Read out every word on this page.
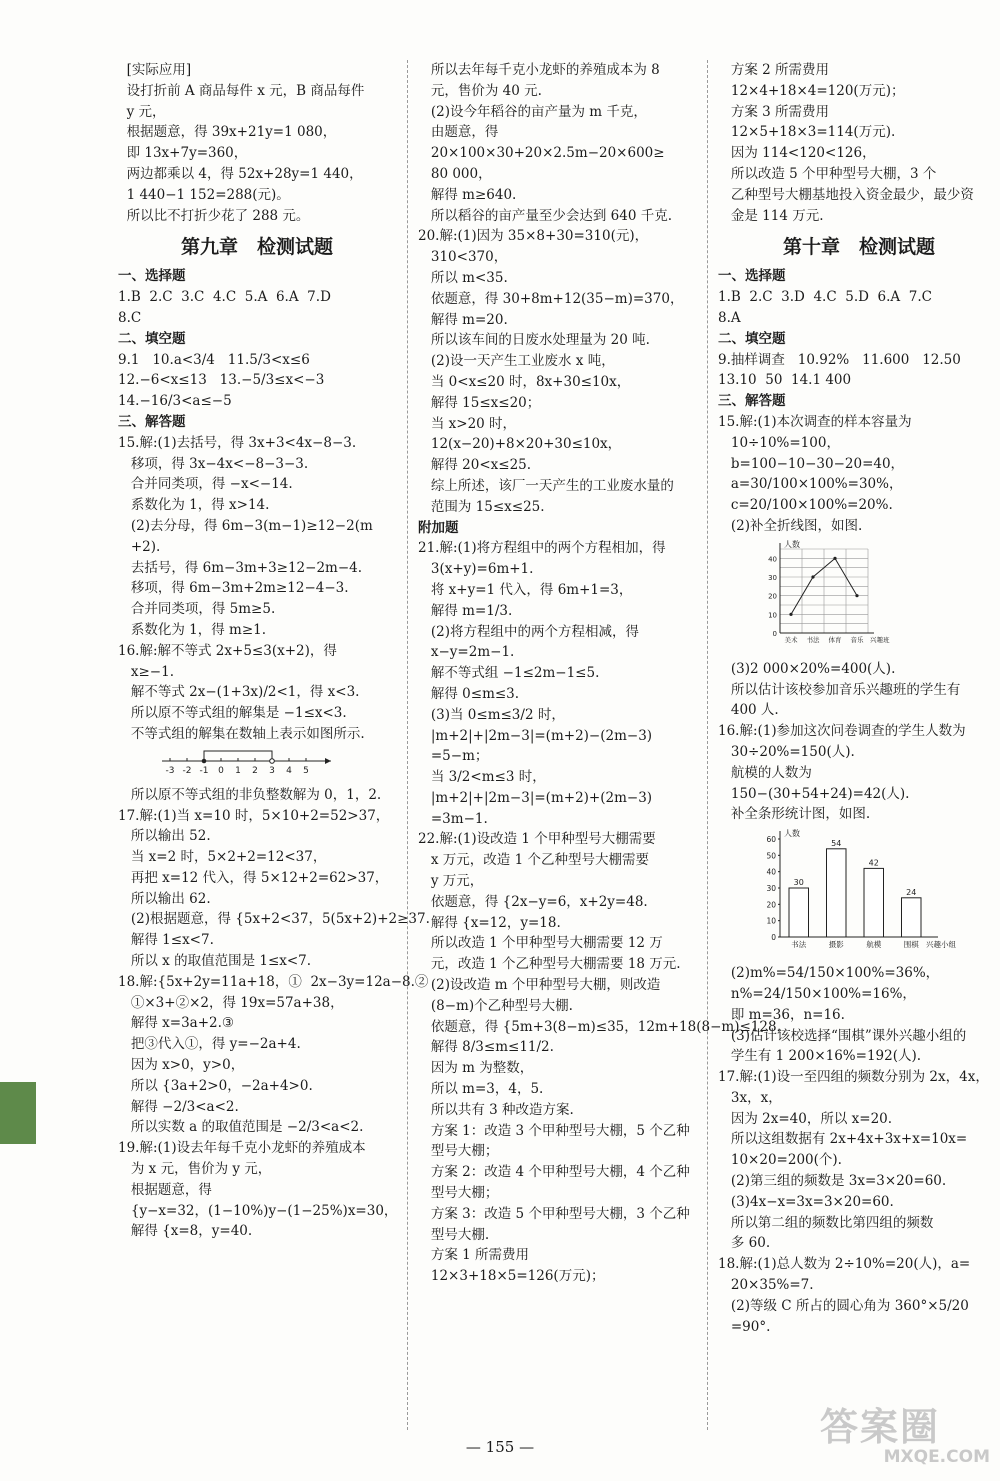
[实际应用]
设打折前 A 商品每件 x 元，B 商品每件
y 元，
根据题意，得 39x+21y=1 080，
即 13x+7y=360，
两边都乘以 4，得 52x+28y=1 440，
1 440−1 152=288(元)。
所以比不打折少花了 288 元。
第九章　检测试题
一、选择题
1.B  2.C  3.C  4.C  5.A  6.A  7.D
8.C
二、填空题
9.1   10.a<3/4   11.5/3<x≤6
12.−6<x≤13   13.−5/3≤x<−3
14.−16/3<a≤−5
三、解答题
15.解:(1)去括号，得 3x+3<4x−8−3.
移项，得 3x−4x<−8−3−3.
合并同类项，得 −x<−14.
系数化为 1，得 x>14.
(2)去分母，得 6m−3(m−1)≥12−2(m
+2).
去括号，得 6m−3m+3≥12−2m−4.
移项，得 6m−3m+2m≥12−4−3.
合并同类项，得 5m≥5.
系数化为 1，得 m≥1.
16.解:解不等式 2x+5≤3(x+2)，得
x≥−1.
解不等式 2x−(1+3x)/2<1，得 x<3.
所以原不等式组的解集是 −1≤x<3.
不等式组的解集在数轴上表示如图所示.
-3 -2 -1 0 1 2 3 4 5
所以原不等式组的非负整数解为 0，1，2.
17.解:(1)当 x=10 时，5×10+2=52>37，
所以输出 52.
当 x=2 时，5×2+2=12<37，
再把 x=12 代入，得 5×12+2=62>37，
所以输出 62.
(2)根据题意，得 {5x+2<37，5(5x+2)+2≥37.
解得 1≤x<7.
所以 x 的取值范围是 1≤x<7.
18.解:{5x+2y=11a+18，①  2x−3y=12a−8.②
①×3+②×2，得 19x=57a+38，
解得 x=3a+2.③
把③代入①，得 y=−2a+4.
因为 x>0，y>0，
所以 {3a+2>0，−2a+4>0.
解得 −2/3<a<2.
所以实数 a 的取值范围是 −2/3<a<2.
19.解:(1)设去年每千克小龙虾的养殖成本
为 x 元，售价为 y 元，
根据题意，得
{y−x=32，(1−10%)y−(1−25%)x=30，
解得 {x=8，y=40.
所以去年每千克小龙虾的养殖成本为 8
元，售价为 40 元.
(2)设今年稻谷的亩产量为 m 千克，
由题意，得
20×100×30+20×2.5m−20×600≥
80 000，
解得 m≥640.
所以稻谷的亩产量至少会达到 640 千克.
20.解:(1)因为 35×8+30=310(元)，
310<370，
所以 m<35.
依题意，得 30+8m+12(35−m)=370，
解得 m=20.
所以该车间的日废水处理量为 20 吨.
(2)设一天产生工业废水 x 吨，
当 0<x≤20 时，8x+30≤10x，
解得 15≤x≤20；
当 x>20 时，
12(x−20)+8×20+30≤10x，
解得 20<x≤25.
综上所述，该厂一天产生的工业废水量的
范围为 15≤x≤25.
附加题
21.解:(1)将方程组中的两个方程相加，得
3(x+y)=6m+1.
将 x+y=1 代入，得 6m+1=3，
解得 m=1/3.
(2)将方程组中的两个方程相减，得
x−y=2m−1.
解不等式组 −1≤2m−1≤5.
解得 0≤m≤3.
(3)当 0≤m≤3/2 时，
|m+2|+|2m−3|=(m+2)−(2m−3)
=5−m；
当 3/2<m≤3 时，
|m+2|+|2m−3|=(m+2)+(2m−3)
=3m−1.
22.解:(1)设改造 1 个甲种型号大棚需要
x 万元，改造 1 个乙种型号大棚需要
y 万元，
依题意，得 {2x−y=6，x+2y=48.
解得 {x=12，y=18.
所以改造 1 个甲种型号大棚需要 12 万
元，改造 1 个乙种型号大棚需要 18 万元.
(2)设改造 m 个甲种型号大棚，则改造
(8−m)个乙种型号大棚.
依题意，得 {5m+3(8−m)≤35，12m+18(8−m)≤128，
解得 8/3≤m≤11/2.
因为 m 为整数，
所以 m=3，4，5.
所以共有 3 种改造方案.
方案 1：改造 3 个甲种型号大棚，5 个乙种
型号大棚；
方案 2：改造 4 个甲种型号大棚，4 个乙种
型号大棚；
方案 3：改造 5 个甲种型号大棚，3 个乙种
型号大棚.
方案 1 所需费用
12×3+18×5=126(万元)；
方案 2 所需费用
12×4+18×4=120(万元)；
方案 3 所需费用
12×5+18×3=114(万元).
因为 114<120<126，
所以改造 5 个甲种型号大棚，3 个
乙种型号大棚基地投入资金最少，最少资
金是 114 万元.
第十章　检测试题
一、选择题
1.B  2.C  3.D  4.C  5.D  6.A  7.C
8.A
二、填空题
9.抽样调查   10.92%   11.600   12.50
13.10  50  14.1 400
三、解答题
15.解:(1)本次调查的样本容量为
10÷10%=100，
b=100−10−30−20=40，
a=30/100×100%=30%，
c=20/100×100%=20%.
(2)补全折线图，如图.
0
10
20
30
40
人数
美术 书法 体育 音乐 兴趣班
(3)2 000×20%=400(人).
所以估计该校参加音乐兴趣班的学生有
400 人.
16.解:(1)参加这次问卷调查的学生人数为
30÷20%=150(人).
航模的人数为
150−(30+54+24)=42(人).
补全条形统计图，如图.
人数
0
10
20
30
40
50
60
30
书法
54
摄影
42
航模
24
围棋 兴趣小组
(2)m%=54/150×100%=36%，
n%=24/150×100%=16%，
即 m=36，n=16.
(3)估计该校选择“围棋”课外兴趣小组的
学生有 1 200×16%=192(人).
17.解:(1)设一至四组的频数分别为 2x，4x，
3x，x，
因为 2x=40，所以 x=20.
所以这组数据有 2x+4x+3x+x=10x=
10×20=200(个).
(2)第三组的频数是 3x=3×20=60.
(3)4x−x=3x=3×20=60.
所以第二组的频数比第四组的频数
多 60.
18.解:(1)总人数为 2÷10%=20(人)，a=
20×35%=7.
(2)等级 C 所占的圆心角为 360°×5/20
=90°.
— 155 —	答案圈
MXQE.COM
